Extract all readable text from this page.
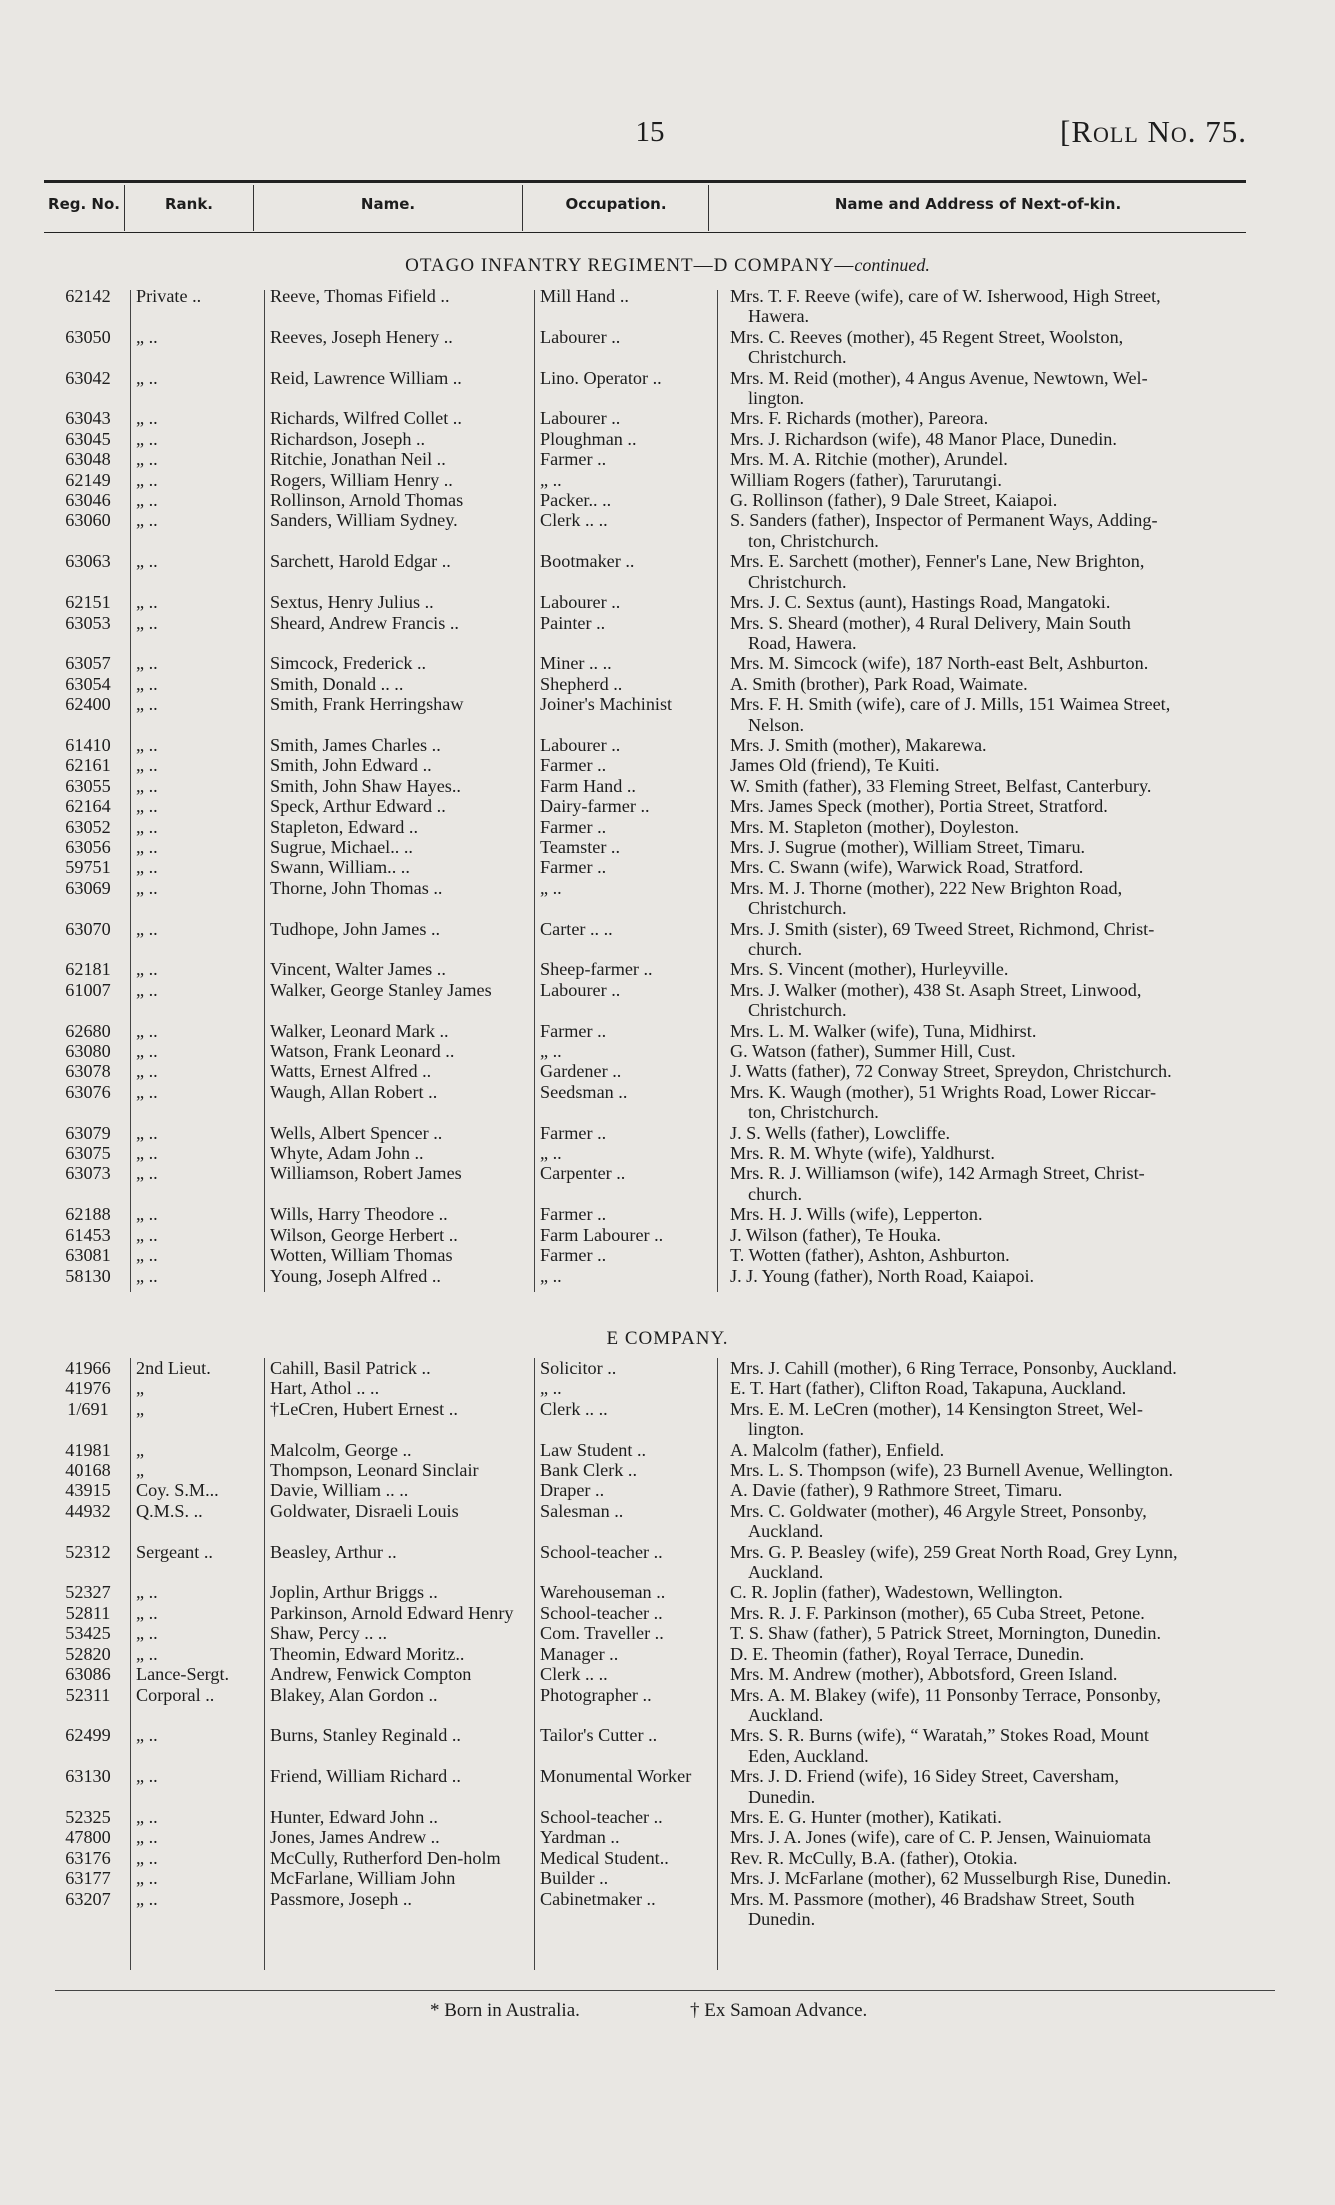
15	[Roll No. 75.
Reg. No.	Rank.	Name.	Occupation.	Name and Address of Next-of-kin.
OTAGO INFANTRY REGIMENT—D COMPANY—continued.
62142	Private ..	Reeve, Thomas Fifield ..	Mill Hand ..	Mrs. T. F. Reeve (wife), care of W. Isherwood, High Street,
Hawera.
63050	„ ..	Reeves, Joseph Henery ..	Labourer ..	Mrs. C. Reeves (mother), 45 Regent Street, Woolston,
Christchurch.
63042	„ ..	Reid, Lawrence William ..	Lino. Operator ..	Mrs. M. Reid (mother), 4 Angus Avenue, Newtown, Wel-
lington.
63043	„ ..	Richards, Wilfred Collet ..	Labourer ..	Mrs. F. Richards (mother), Pareora.
63045	„ ..	Richardson, Joseph ..	Ploughman ..	Mrs. J. Richardson (wife), 48 Manor Place, Dunedin.
63048	„ ..	Ritchie, Jonathan Neil ..	Farmer ..	Mrs. M. A. Ritchie (mother), Arundel.
62149	„ ..	Rogers, William Henry ..	„ ..	William Rogers (father), Tarurutangi.
63046	„ ..	Rollinson, Arnold Thomas	Packer.. ..	G. Rollinson (father), 9 Dale Street, Kaiapoi.
63060	„ ..	Sanders, William Sydney.	Clerk .. ..	S. Sanders (father), Inspector of Permanent Ways, Adding-
ton, Christchurch.
63063	„ ..	Sarchett, Harold Edgar ..	Bootmaker ..	Mrs. E. Sarchett (mother), Fenner's Lane, New Brighton,
Christchurch.
62151	„ ..	Sextus, Henry Julius ..	Labourer ..	Mrs. J. C. Sextus (aunt), Hastings Road, Mangatoki.
63053	„ ..	Sheard, Andrew Francis ..	Painter ..	Mrs. S. Sheard (mother), 4 Rural Delivery, Main South
Road, Hawera.
63057	„ ..	Simcock, Frederick ..	Miner .. ..	Mrs. M. Simcock (wife), 187 North-east Belt, Ashburton.
63054	„ ..	Smith, Donald .. ..	Shepherd ..	A. Smith (brother), Park Road, Waimate.
62400	„ ..	Smith, Frank Herringshaw	Joiner's Machinist	Mrs. F. H. Smith (wife), care of J. Mills, 151 Waimea Street,
Nelson.
61410	„ ..	Smith, James Charles ..	Labourer ..	Mrs. J. Smith (mother), Makarewa.
62161	„ ..	Smith, John Edward ..	Farmer ..	James Old (friend), Te Kuiti.
63055	„ ..	Smith, John Shaw Hayes..	Farm Hand ..	W. Smith (father), 33 Fleming Street, Belfast, Canterbury.
62164	„ ..	Speck, Arthur Edward ..	Dairy-farmer ..	Mrs. James Speck (mother), Portia Street, Stratford.
63052	„ ..	Stapleton, Edward ..	Farmer ..	Mrs. M. Stapleton (mother), Doyleston.
63056	„ ..	Sugrue, Michael.. ..	Teamster ..	Mrs. J. Sugrue (mother), William Street, Timaru.
59751	„ ..	Swann, William.. ..	Farmer ..	Mrs. C. Swann (wife), Warwick Road, Stratford.
63069	„ ..	Thorne, John Thomas ..	„ ..	Mrs. M. J. Thorne (mother), 222 New Brighton Road,
Christchurch.
63070	„ ..	Tudhope, John James ..	Carter .. ..	Mrs. J. Smith (sister), 69 Tweed Street, Richmond, Christ-
church.
62181	„ ..	Vincent, Walter James ..	Sheep-farmer ..	Mrs. S. Vincent (mother), Hurleyville.
61007	„ ..	Walker, George Stanley James	Labourer ..	Mrs. J. Walker (mother), 438 St. Asaph Street, Linwood,
Christchurch.
62680	„ ..	Walker, Leonard Mark ..	Farmer ..	Mrs. L. M. Walker (wife), Tuna, Midhirst.
63080	„ ..	Watson, Frank Leonard ..	„ ..	G. Watson (father), Summer Hill, Cust.
63078	„ ..	Watts, Ernest Alfred ..	Gardener ..	J. Watts (father), 72 Conway Street, Spreydon, Christchurch.
63076	„ ..	Waugh, Allan Robert ..	Seedsman ..	Mrs. K. Waugh (mother), 51 Wrights Road, Lower Riccar-
ton, Christchurch.
63079	„ ..	Wells, Albert Spencer ..	Farmer ..	J. S. Wells (father), Lowcliffe.
63075	„ ..	Whyte, Adam John ..	„ ..	Mrs. R. M. Whyte (wife), Yaldhurst.
63073	„ ..	Williamson, Robert James	Carpenter ..	Mrs. R. J. Williamson (wife), 142 Armagh Street, Christ-
church.
62188	„ ..	Wills, Harry Theodore ..	Farmer ..	Mrs. H. J. Wills (wife), Lepperton.
61453	„ ..	Wilson, George Herbert ..	Farm Labourer ..	J. Wilson (father), Te Houka.
63081	„ ..	Wotten, William Thomas	Farmer ..	T. Wotten (father), Ashton, Ashburton.
58130	„ ..	Young, Joseph Alfred ..	„ ..	J. J. Young (father), North Road, Kaiapoi.
E COMPANY.
41966	2nd Lieut.	Cahill, Basil Patrick ..	Solicitor ..	Mrs. J. Cahill (mother), 6 Ring Terrace, Ponsonby, Auckland.
41976	„	Hart, Athol .. ..	„ ..	E. T. Hart (father), Clifton Road, Takapuna, Auckland.
1/691	„	†LeCren, Hubert Ernest ..	Clerk .. ..	Mrs. E. M. LeCren (mother), 14 Kensington Street, Wel-
lington.
41981	„	Malcolm, George ..	Law Student ..	A. Malcolm (father), Enfield.
40168	„	Thompson, Leonard Sinclair	Bank Clerk ..	Mrs. L. S. Thompson (wife), 23 Burnell Avenue, Wellington.
43915	Coy. S.M...	Davie, William .. ..	Draper ..	A. Davie (father), 9 Rathmore Street, Timaru.
44932	Q.M.S. ..	Goldwater, Disraeli Louis	Salesman ..	Mrs. C. Goldwater (mother), 46 Argyle Street, Ponsonby,
Auckland.
52312	Sergeant ..	Beasley, Arthur ..	School-teacher ..	Mrs. G. P. Beasley (wife), 259 Great North Road, Grey Lynn,
Auckland.
52327	„ ..	Joplin, Arthur Briggs ..	Warehouseman ..	C. R. Joplin (father), Wadestown, Wellington.
52811	„ ..	Parkinson, Arnold Edward Henry	School-teacher ..	Mrs. R. J. F. Parkinson (mother), 65 Cuba Street, Petone.
53425	„ ..	Shaw, Percy .. ..	Com. Traveller ..	T. S. Shaw (father), 5 Patrick Street, Mornington, Dunedin.
52820	„ ..	Theomin, Edward Moritz..	Manager ..	D. E. Theomin (father), Royal Terrace, Dunedin.
63086	Lance-Sergt.	Andrew, Fenwick Compton	Clerk .. ..	Mrs. M. Andrew (mother), Abbotsford, Green Island.
52311	Corporal ..	Blakey, Alan Gordon ..	Photographer ..	Mrs. A. M. Blakey (wife), 11 Ponsonby Terrace, Ponsonby,
Auckland.
62499	„ ..	Burns, Stanley Reginald ..	Tailor's Cutter ..	Mrs. S. R. Burns (wife), “ Waratah,” Stokes Road, Mount
Eden, Auckland.
63130	„ ..	Friend, William Richard ..	Monumental Worker	Mrs. J. D. Friend (wife), 16 Sidey Street, Caversham,
Dunedin.
52325	„ ..	Hunter, Edward John ..	School-teacher ..	Mrs. E. G. Hunter (mother), Katikati.
47800	„ ..	Jones, James Andrew ..	Yardman ..	Mrs. J. A. Jones (wife), care of C. P. Jensen, Wainuiomata
63176	„ ..	McCully, Rutherford Den-holm	Medical Student..	Rev. R. McCully, B.A. (father), Otokia.
63177	„ ..	McFarlane, William John	Builder ..	Mrs. J. McFarlane (mother), 62 Musselburgh Rise, Dunedin.
63207	„ ..	Passmore, Joseph ..	Cabinetmaker ..	Mrs. M. Passmore (mother), 46 Bradshaw Street, South
Dunedin.
* Born in Australia.	† Ex Samoan Advance.
